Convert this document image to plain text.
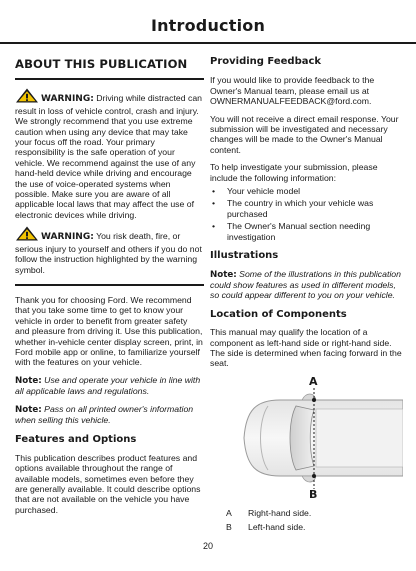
Introduction
ABOUT THIS PUBLICATION
WARNING: Driving while distracted can result in loss of vehicle control, crash and injury. We strongly recommend that you use extreme caution when using any device that may take your focus off the road. Your primary responsibility is the safe operation of your vehicle. We recommend against the use of any hand-held device while driving and encourage the use of voice-operated systems when possible. Make sure you are aware of all applicable local laws that may affect the use of electronic devices while driving.
WARNING: You risk death, fire, or serious injury to yourself and others if you do not follow the instruction highlighted by the warning symbol.

Thank you for choosing Ford. We recommend that you take some time to get to know your vehicle in order to benefit from greater safety and pleasure from driving it. Use this publication, whether in-vehicle center display screen, print, in Ford mobile app or online, to familiarize yourself with the features on your vehicle.

Note: Use and operate your vehicle in line with all applicable laws and regulations.

Note: Pass on all printed owner's information when selling this vehicle.

Features and Options

This publication describes product features and options available throughout the range of available models, sometimes even before they are generally available. It could describe options that are not available on the vehicle you have purchased.

Providing Feedback

If you would like to provide feedback to the Owner's Manual team, please email us at OWNERMANUALFEEDBACK@ford.com.

You will not receive a direct email response. Your submission will be investigated and necessary changes will be made to the Owner's Manual content.

To help investigate your submission, please include the following information:

• Your vehicle model
• The country in which your vehicle was purchased
• The Owner's Manual section needing investigation
Illustrations

Note: Some of the illustrations in this publication could show features as used in different models, so could appear different to you on your vehicle.

Location of Components

This manual may qualify the location of a component as left-hand side or right-hand side. The side is determined when facing forward in the seat.

A
B
A	Right-hand side.
B	Left-hand side.
20
